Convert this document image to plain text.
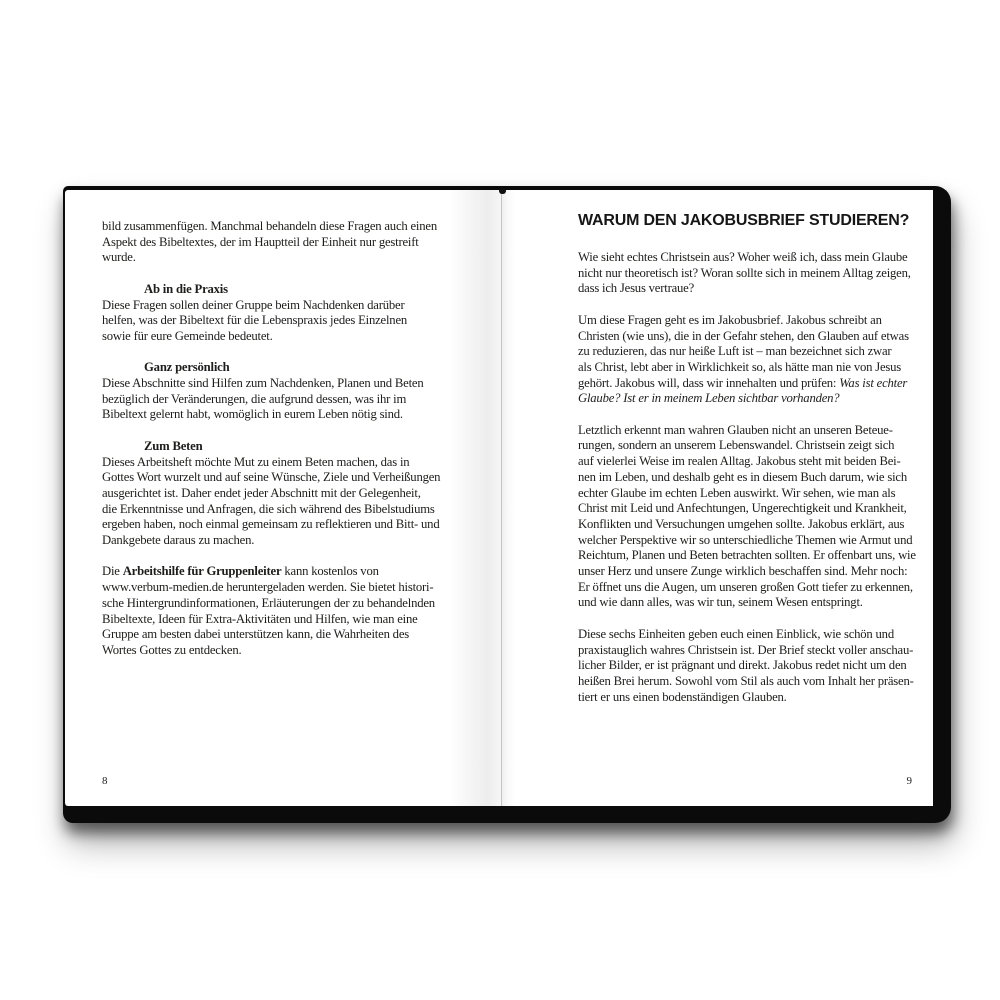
bild zusammenfügen. Manchmal behandeln diese Fragen auch einen
Aspekt des Bibeltextes, der im Hauptteil der Einheit nur gestreift
wurde.
Ab in die Praxis
Diese Fragen sollen deiner Gruppe beim Nachdenken darüber
helfen, was der Bibeltext für die Lebenspraxis jedes Einzelnen
sowie für eure Gemeinde bedeutet.
Ganz persönlich
Diese Abschnitte sind Hilfen zum Nachdenken, Planen und Beten
bezüglich der Veränderungen, die aufgrund dessen, was ihr im
Bibeltext gelernt habt, womöglich in eurem Leben nötig sind.
Zum Beten
Dieses Arbeitsheft möchte Mut zu einem Beten machen, das in
Gottes Wort wurzelt und auf seine Wünsche, Ziele und Verheißungen
ausgerichtet ist. Daher endet jeder Abschnitt mit der Gelegenheit,
die Erkenntnisse und Anfragen, die sich während des Bibelstudiums
ergeben haben, noch einmal gemeinsam zu reflektieren und Bitt- und
Dankgebete daraus zu machen.
Die Arbeitshilfe für Gruppenleiter kann kostenlos von
www.verbum-medien.de heruntergeladen werden. Sie bietet histori-
sche Hintergrundinformationen, Erläuterungen der zu behandelnden
Bibeltexte, Ideen für Extra-Aktivitäten und Hilfen, wie man eine
Gruppe am besten dabei unterstützen kann, die Wahrheiten des
Wortes Gottes zu entdecken.
8
WARUM DEN JAKOBUSBRIEF STUDIEREN?
Wie sieht echtes Christsein aus? Woher weiß ich, dass mein Glaube
nicht nur theoretisch ist? Woran sollte sich in meinem Alltag zeigen,
dass ich Jesus vertraue?
Um diese Fragen geht es im Jakobusbrief. Jakobus schreibt an
Christen (wie uns), die in der Gefahr stehen, den Glauben auf etwas
zu reduzieren, das nur heiße Luft ist – man bezeichnet sich zwar
als Christ, lebt aber in Wirklichkeit so, als hätte man nie von Jesus
gehört. Jakobus will, dass wir innehalten und prüfen: Was ist echter
Glaube? Ist er in meinem Leben sichtbar vorhanden?
Letztlich erkennt man wahren Glauben nicht an unseren Beteue-
rungen, sondern an unserem Lebenswandel. Christsein zeigt sich
auf vielerlei Weise im realen Alltag. Jakobus steht mit beiden Bei-
nen im Leben, und deshalb geht es in diesem Buch darum, wie sich
echter Glaube im echten Leben auswirkt. Wir sehen, wie man als
Christ mit Leid und Anfechtungen, Ungerechtigkeit und Krankheit,
Konflikten und Versuchungen umgehen sollte. Jakobus erklärt, aus
welcher Perspektive wir so unterschiedliche Themen wie Armut und
Reichtum, Planen und Beten betrachten sollten. Er offenbart uns, wie
unser Herz und unsere Zunge wirklich beschaffen sind. Mehr noch:
Er öffnet uns die Augen, um unseren großen Gott tiefer zu erkennen,
und wie dann alles, was wir tun, seinem Wesen entspringt.
Diese sechs Einheiten geben euch einen Einblick, wie schön und
praxistauglich wahres Christsein ist. Der Brief steckt voller anschau-
licher Bilder, er ist prägnant und direkt. Jakobus redet nicht um den
heißen Brei herum. Sowohl vom Stil als auch vom Inhalt her präsen-
tiert er uns einen bodenständigen Glauben.
9
